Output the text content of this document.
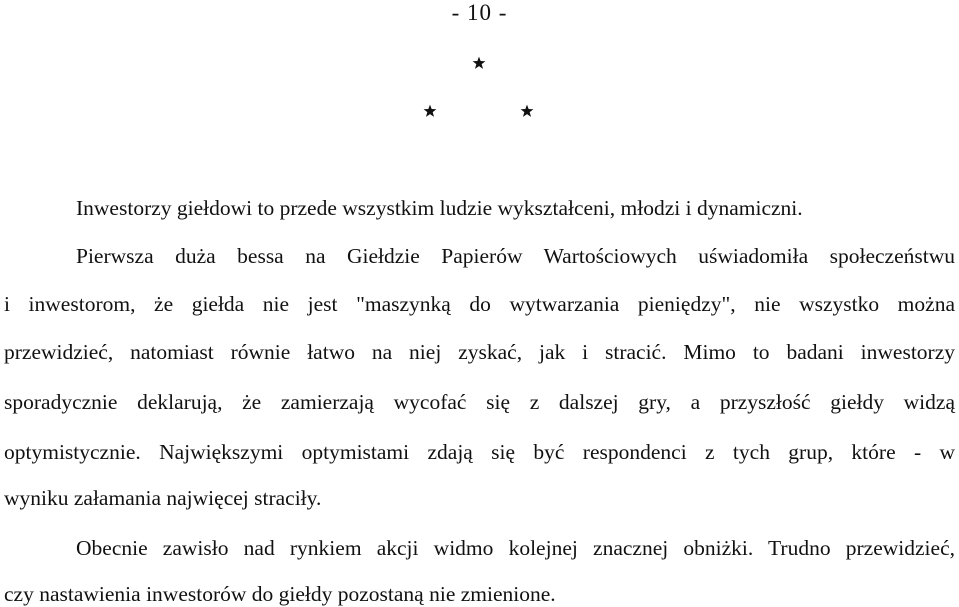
- 10 -
Inwestorzy giełdowi to przede wszystkim ludzie wykształceni, młodzi i dynamiczni.
Pierwsza duża bessa na Giełdzie Papierów Wartościowych uświadomiła społeczeństwu
i inwestorom, że giełda nie jest "maszynką do wytwarzania pieniędzy", nie wszystko można
przewidzieć, natomiast równie łatwo na niej zyskać, jak i stracić. Mimo to badani inwestorzy
sporadycznie deklarują, że zamierzają wycofać się z dalszej gry, a przyszłość giełdy widzą
optymistycznie. Największymi optymistami zdają się być respondenci z tych grup, które - w
wyniku załamania najwięcej straciły.
Obecnie zawisło nad rynkiem akcji widmo kolejnej znacznej obniżki. Trudno przewidzieć,
czy nastawienia inwestorów do giełdy pozostaną nie zmienione.
